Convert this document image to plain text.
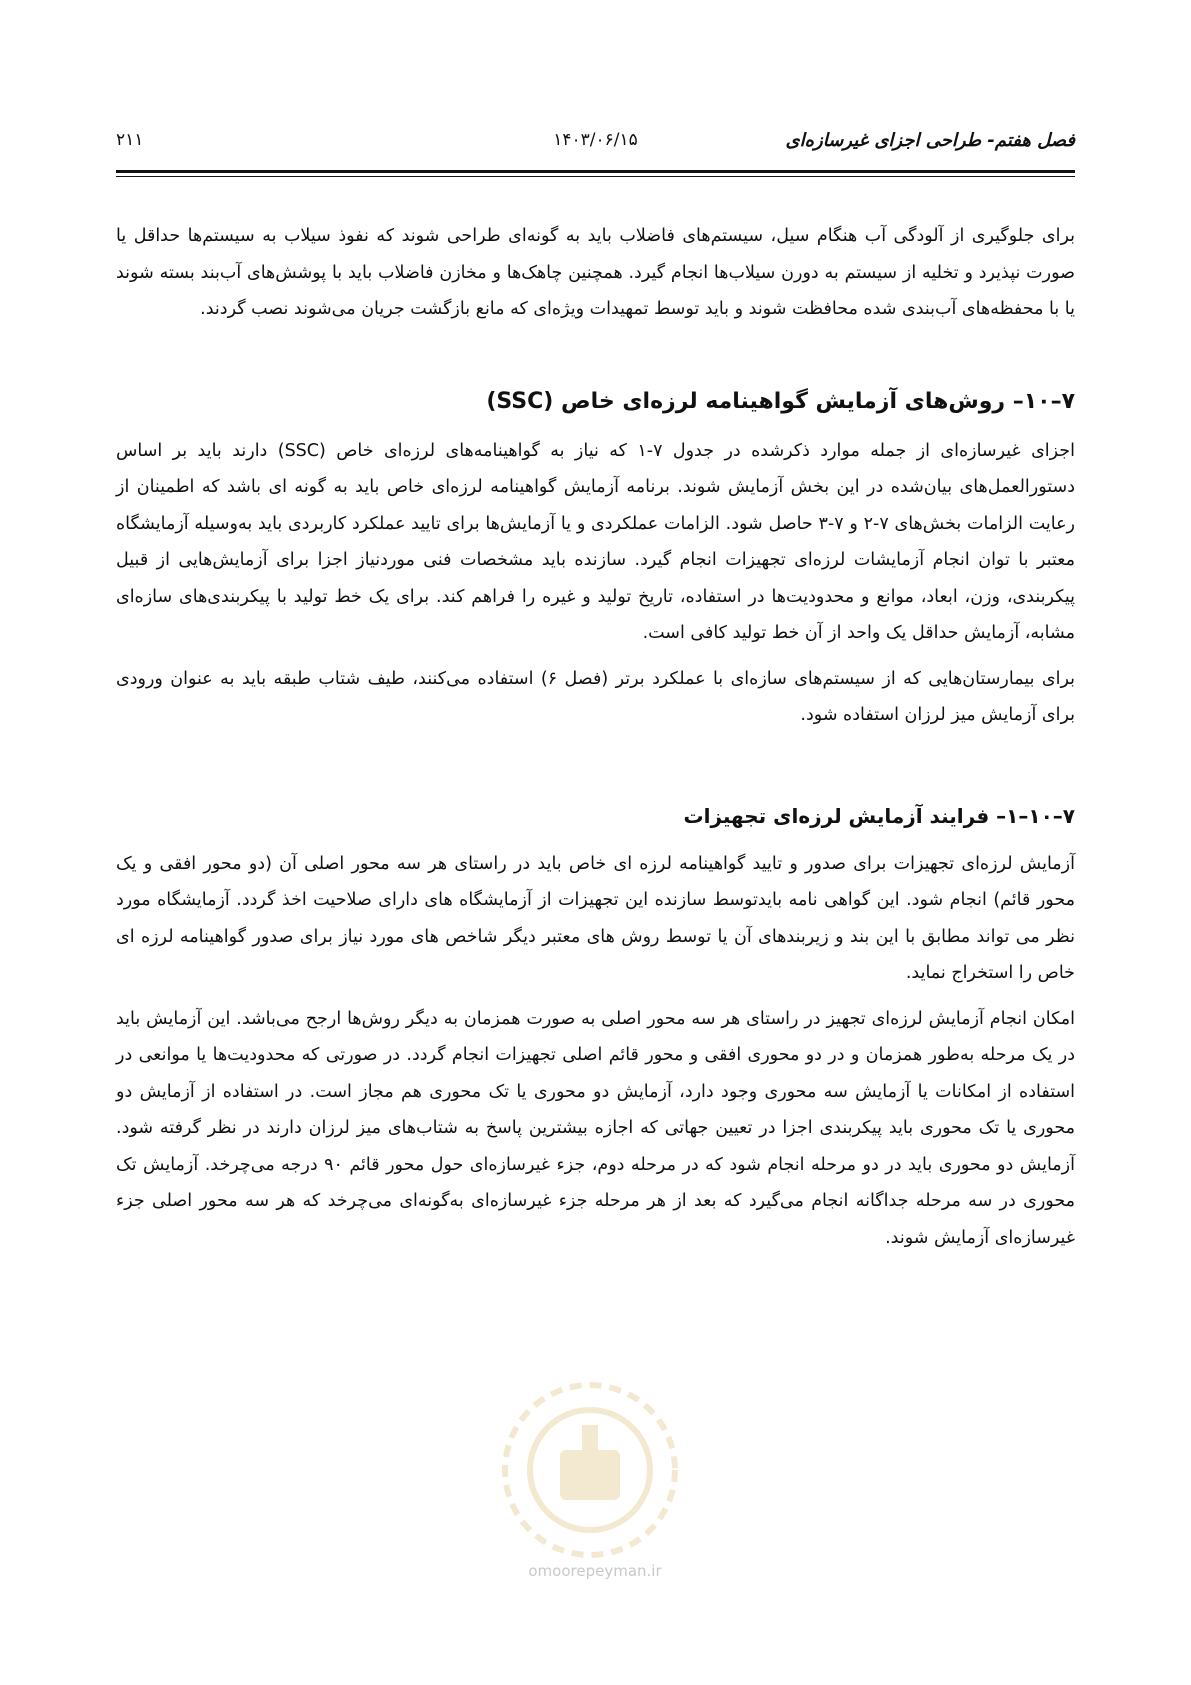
فصل هفتم- طراحی اجزای غیرسازه‌ای
۱۴۰۳/۰۶/۱۵
۲۱۱

برای جلوگیری از آلودگی آب هنگام سیل، سیستم‌های فاضلاب باید به گونه‌ای طراحی شوند که نفوذ سیلاب به سیستم‌ها حداقل یا صورت نپذیرد و تخلیه از سیستم به دورن سیلاب‌ها انجام گیرد. همچنین چاهک‌ها و مخازن فاضلاب باید با پوشش‌های آب‌بند بسته شوند یا با محفظه‌های آب‌بندی شده محافظت شوند و باید توسط تمهیدات ویژه‌ای که مانع بازگشت جریان می‌شوند نصب گردند.

۷–۱۰– روش‌های آزمایش گواهینامه لرزه‌ای خاص (SSC)

اجزای غیرسازه‌ای از جمله موارد ذکرشده در جدول ۷-۱ که نیاز به گواهینامه‌های لرزه‌ای خاص (SSC) دارند باید بر اساس دستورالعمل‌های بیان‌شده در این بخش آزمایش شوند. برنامه آزمایش گواهینامه لرزه‌ای خاص باید به گونه ای باشد که اطمینان از رعایت الزامات بخش‌های ۷-۲ و ۷-۳ حاصل شود. الزامات عملکردی و یا آزمایش‌ها برای تایید عملکرد کاربردی باید به‌وسیله آزمایشگاه معتبر با توان انجام آزمایشات لرزه‌ای تجهیزات انجام گیرد. سازنده باید مشخصات فنی موردنیاز اجزا برای آزمایش‌هایی از قبیل پیکربندی، وزن، ابعاد، موانع و محدودیت‌ها در استفاده، تاریخ تولید و غیره را فراهم کند. برای یک خط تولید با پیکربندی‌های سازه‌ای مشابه، آزمایش حداقل یک واحد از آن خط تولید کافی است.

برای بیمارستان‌هایی که از سیستم‌های سازه‌ای با عملکرد برتر (فصل ۶) استفاده می‌کنند، طیف شتاب طبقه باید به عنوان ورودی برای آزمایش میز لرزان استفاده شود.

۷–۱۰–۱– فرایند آزمایش لرزه‌ای تجهیزات

آزمایش لرزه‌ای تجهیزات برای صدور و تایید گواهینامه لرزه ای خاص باید در راستای هر سه محور اصلی آن (دو محور افقی و یک محور قائم) انجام شود. این گواهی نامه بایدتوسط سازنده این تجهیزات از آزمایشگاه های دارای صلاحیت اخذ گردد. آزمایشگاه مورد نظر می تواند مطابق با این بند و زیربندهای آن یا توسط روش های معتبر دیگر شاخص های مورد نیاز برای صدور گواهینامه لرزه ای خاص را استخراج نماید.

امکان انجام آزمایش لرزه‌ای تجهیز در راستای هر سه محور اصلی به صورت همزمان به دیگر روش‌ها ارجح می‌باشد. این آزمایش باید در یک مرحله به‌طور همزمان و در دو محوری افقی و محور قائم اصلی تجهیزات انجام گردد. در صورتی که محدودیت‌ها یا موانعی در استفاده از امکانات یا آزمایش سه محوری وجود دارد، آزمایش دو محوری یا تک محوری هم مجاز است. در استفاده از آزمایش دو محوری یا تک محوری باید پیکربندی اجزا در تعیین جهاتی که اجازه بیشترین پاسخ به شتاب‌های میز لرزان دارند در نظر گرفته شود. آزمایش دو محوری باید در دو مرحله انجام شود که در مرحله دوم، جزء غیرسازه‌ای حول محور قائم ۹۰ درجه می‌چرخد. آزمایش تک محوری در سه مرحله جداگانه انجام می‌گیرد که بعد از هر مرحله جزء غیرسازه‌ای به‌گونه‌ای می‌چرخد که هر سه محور اصلی جزء غیرسازه‌ای آزمایش شوند.

omoorepeyman.ir
